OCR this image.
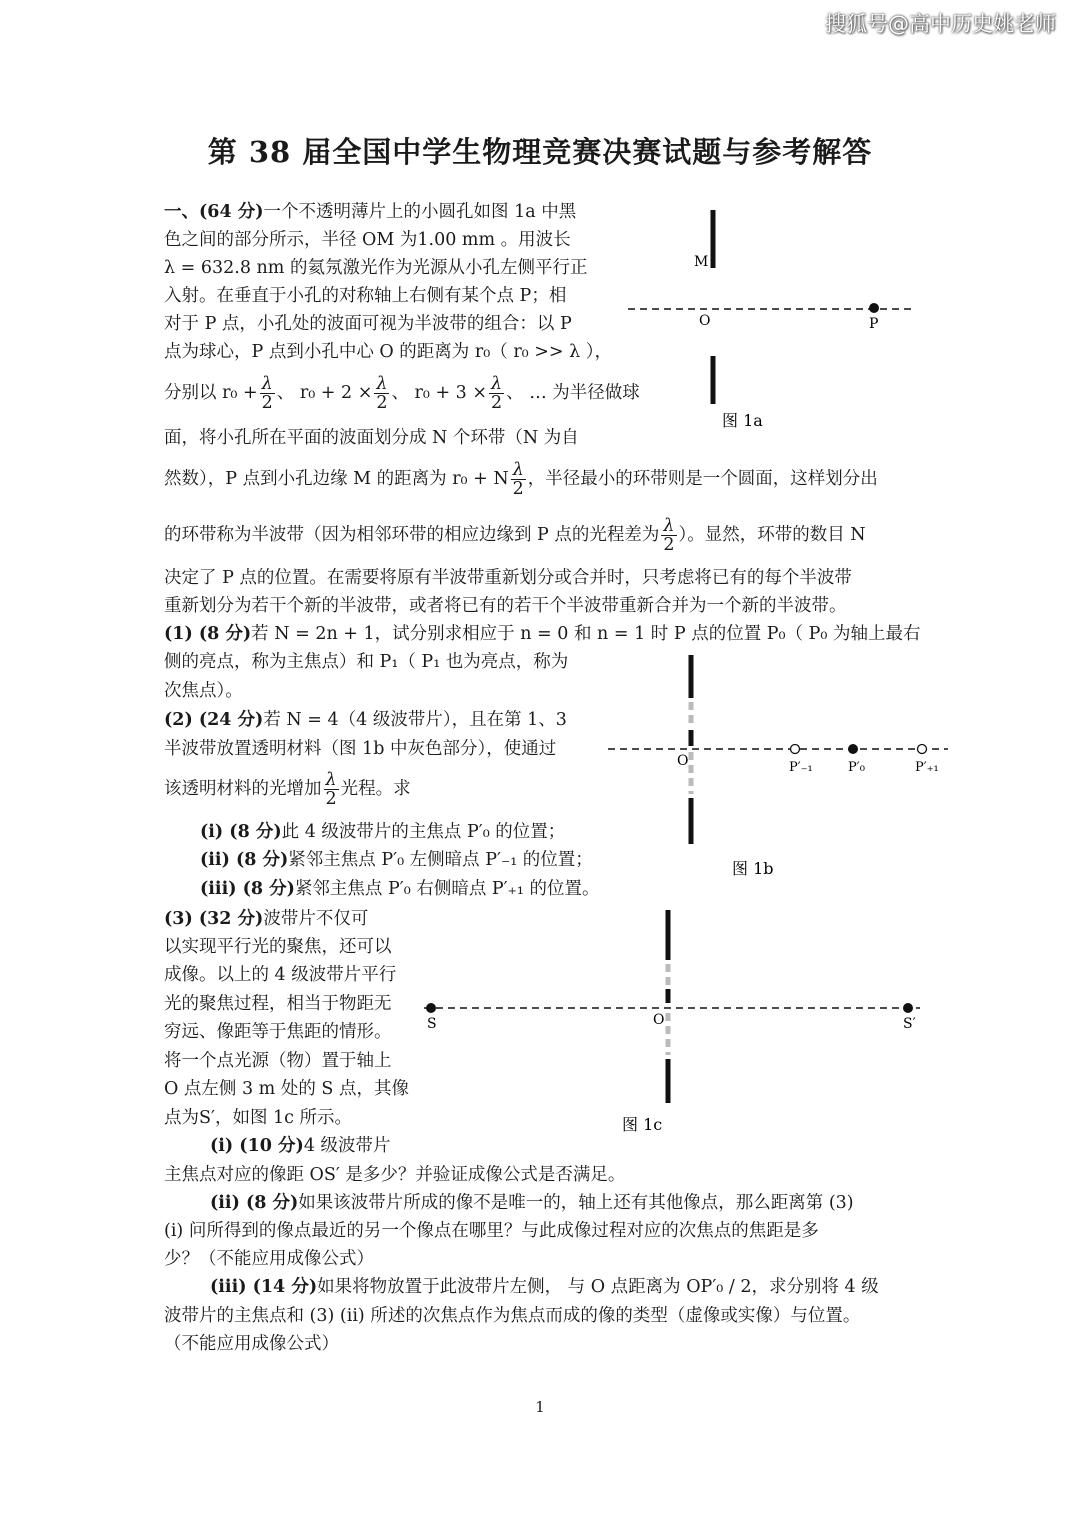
搜狐号@高中历史姚老师
第 38 届全国中学生物理竞赛决赛试题与参考解答
一、(64 分)一个不透明薄片上的小圆孔如图 1a 中黑
色之间的部分所示，半径 OM 为1.00 mm 。用波长
λ = 632.8 nm 的氦氖激光作为光源从小孔左侧平行正
入射。在垂直于小孔的对称轴上右侧有某个点 P；相
对于 P 点，小孔处的波面可视为半波带的组合：以 P
点为球心，P 点到小孔中心 O 的距离为 r₀（ r₀ >> λ ），
分别以 $r_0 + \frac{\lambda}{2}$ 、 $r_0 + 2 \times \frac{\lambda}{2}$ 、 $r_0 + 3 \times \frac{\lambda}{2}$ 、 … 为半径做球
面，将小孔所在平面的波面划分成 N 个环带（N 为自
然数），P 点到小孔边缘 M 的距离为 r₀ + N $\frac{\lambda}{2}$ ，半径最小的环带则是一个圆面，这样划分出
的环带称为半波带（因为相邻环带的相应边缘到 P 点的光程差为 $\frac{\lambda}{2}$ ）。显然，环带的数目 N
决定了 P 点的位置。在需要将原有半波带重新划分或合并时，只考虑将已有的每个半波带
重新划分为若干个新的半波带，或者将已有的若干个半波带重新合并为一个新的半波带。
(1) (8 分)若 N = 2n + 1，试分别求相应于 n = 0 和 n = 1 时 P 点的位置 P₀（ P₀ 为轴上最右
侧的亮点，称为主焦点）和 P₁（ P₁ 也为亮点，称为
次焦点）。
(2) (24 分)若 N = 4（4 级波带片），且在第 1、3
半波带放置透明材料（图 1b 中灰色部分），使通过
该透明材料的光增加 $\frac{\lambda}{2}$ 光程。求
(i) (8 分)此 4 级波带片的主焦点 P′₀ 的位置；
(ii) (8 分)紧邻主焦点 P′₀ 左侧暗点 P′₋₁ 的位置；
(iii) (8 分)紧邻主焦点 P′₀ 右侧暗点 P′₊₁ 的位置。
(3) (32 分)波带片不仅可
以实现平行光的聚焦，还可以
成像。以上的 4 级波带片平行
光的聚焦过程，相当于物距无
穷远、像距等于焦距的情形。
将一个点光源（物）置于轴上
O 点左侧 3 m 处的 S 点，其像
点为S′，如图 1c 所示。
(i) (10 分)4 级波带片
主焦点对应的像距 OS′ 是多少？并验证成像公式是否满足。
(ii) (8 分)如果该波带片所成的像不是唯一的，轴上还有其他像点，那么距离第 (3)
(i) 问所得到的像点最近的另一个像点在哪里？与此成像过程对应的次焦点的焦距是多
少？（不能应用成像公式）
(iii) (14 分)如果将物放置于此波带片左侧， 与 O 点距离为 OP′₀ / 2，求分别将 4 级
波带片的主焦点和 (3) (ii) 所述的次焦点作为焦点而成的像的类型（虚像或实像）与位置。
（不能应用成像公式）
M
O	P
图 1a
O	P′₋₁	P′₀	P′₊₁
图 1b
S	O	S′
图 1c
1
